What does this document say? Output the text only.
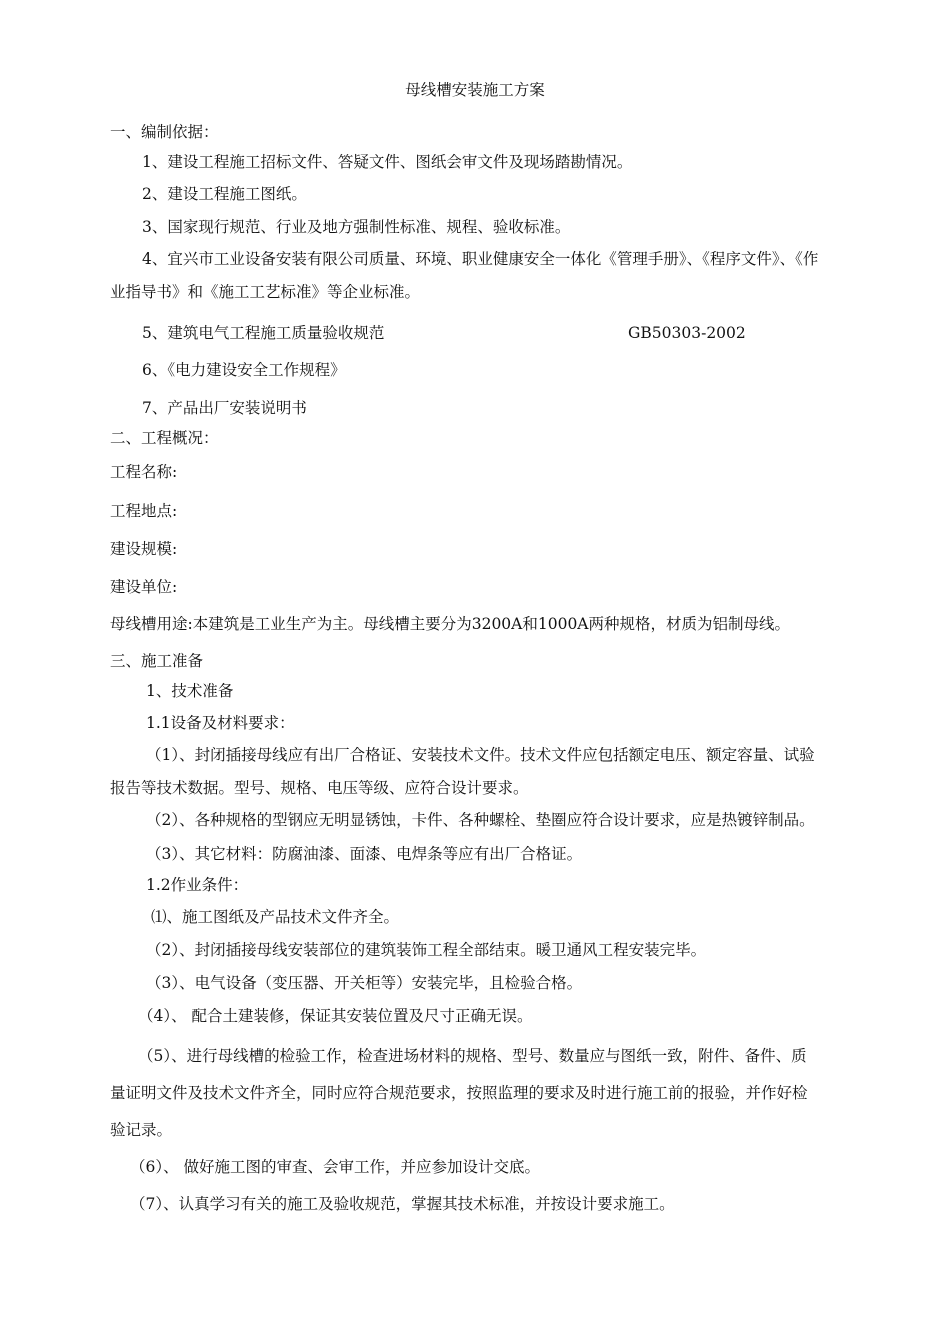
母线槽安装施工方案
一、编制依据：
1、建设工程施工招标文件、答疑文件、图纸会审文件及现场踏勘情况。
2、建设工程施工图纸。
3、国家现行规范、行业及地方强制性标准、规程、验收标准。
4、宜兴市工业设备安装有限公司质量、环境、职业健康安全一体化《管理手册》、《程序文件》、《作
业指导书》和《施工工艺标准》等企业标准。
5、建筑电气工程施工质量验收规范	GB50303-2002
6、《电力建设安全工作规程》
7、产品出厂安装说明书
二、工程概况：
工程名称:
工程地点:
建设规模:
建设单位:
母线槽用途:本建筑是工业生产为主。母线槽主要分为3200A和1000A两种规格，材质为铝制母线。
三、施工准备
1、技术准备
1.1设备及材料要求：
（1）、封闭插接母线应有出厂合格证、安装技术文件。技术文件应包括额定电压、额定容量、试验
报告等技术数据。型号、规格、电压等级、应符合设计要求。
（2）、各种规格的型钢应无明显锈蚀，卡件、各种螺栓、垫圈应符合设计要求，应是热镀锌制品。
（3）、其它材料：防腐油漆、面漆、电焊条等应有出厂合格证。
1.2作业条件：
⑴、施工图纸及产品技术文件齐全。
（2）、封闭插接母线安装部位的建筑装饰工程全部结束。暖卫通风工程安装完毕。
（3）、电气设备（变压器、开关柜等）安装完毕，且检验合格。
（4）、 配合土建装修，保证其安装位置及尺寸正确无误。
（5）、进行母线槽的检验工作，检查进场材料的规格、型号、数量应与图纸一致，附件、备件、质
量证明文件及技术文件齐全，同时应符合规范要求，按照监理的要求及时进行施工前的报验，并作好检
验记录。
（6）、 做好施工图的审查、会审工作，并应参加设计交底。
（7）、认真学习有关的施工及验收规范，掌握其技术标准，并按设计要求施工。
